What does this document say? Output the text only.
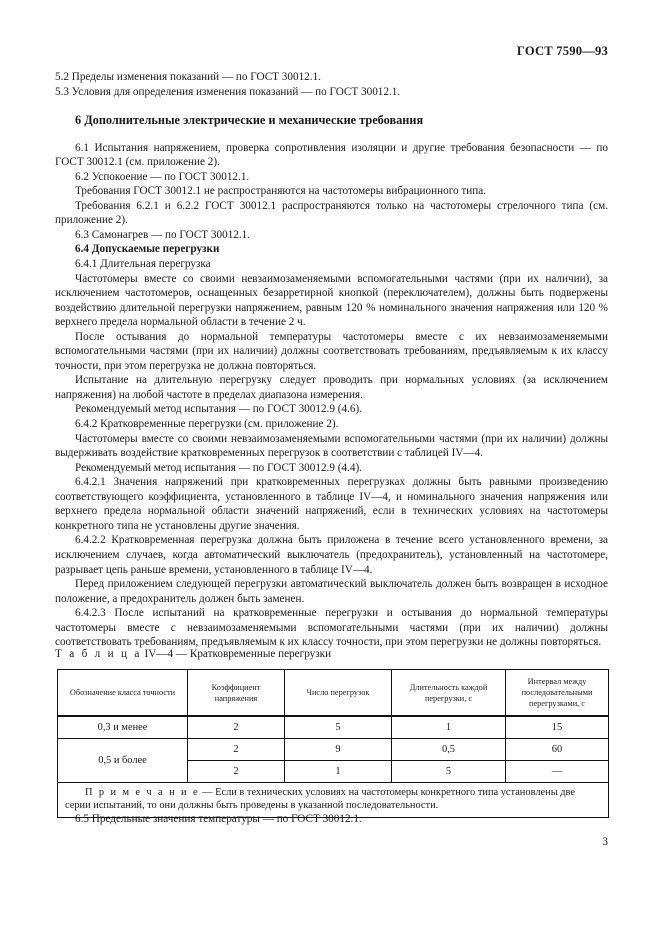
ГОСТ 7590—93

5.2 Пределы изменения показаний — по ГОСТ 30012.1.

5.3 Условия для определения изменения показаний — по ГОСТ 30012.1.

6 Дополнительные электрические и механические требования

6.1 Испытания напряжением, проверка сопротивления изоляции и другие требования безопасности — по ГОСТ 30012.1 (см. приложение 2).

6.2 Успокоение — по ГОСТ 30012.1.

Требования ГОСТ 30012.1 не распространяются на частотомеры вибрационного типа.

Требования 6.2.1 и 6.2.2 ГОСТ 30012.1 распространяются только на частотомеры стрелочного типа (см. приложение 2).

6.3 Самонагрев — по ГОСТ 30012.1.

6.4 Допускаемые перегрузки

6.4.1 Длительная перегрузка

Частотомеры вместе со своими невзаимозаменяемыми вспомогательными частями (при их наличии), за исключением частотомеров, оснащенных безарретирной кнопкой (переключателем), должны быть подвержены воздействию длительной перегрузки напряжением, равным 120 % номинального значения напряжения или 120 % верхнего предела нормальной области в течение 2 ч.

После остывания до нормальной температуры частотомеры вместе с их невзаимозаменяемыми вспомогательными частями (при их наличии) должны соответствовать требованиям, предъявляемым к их классу точности, при этом перегрузка не должна повторяться.

Испытание на длительную перегрузку следует проводить при нормальных условиях (за исключением напряжения) на любой частоте в пределах диапазона измерения.

Рекомендуемый метод испытания — по ГОСТ 30012.9 (4.6).

6.4.2 Кратковременные перегрузки (см. приложение 2).

Частотомеры вместе со своими невзаимозаменяемыми вспомогательными частями (при их наличии) должны выдерживать воздействие кратковременных перегрузок в соответствии с таблицей IV—4.

Рекомендуемый метод испытания — по ГОСТ 30012.9 (4.4).

6.4.2.1 Значения напряжений при кратковременных перегрузках должны быть равными произведению соответствующего коэффициента, установленного в таблице IV—4, и номинального значения напряжения или верхнего предела нормальной области значений напряжений, если в технических условиях на частотомеры конкретного типа не установлены другие значения.

6.4.2.2 Кратковременная перегрузка должна быть приложена в течение всего установленного времени, за исключением случаев, когда автоматический выключатель (предохранитель), установленный на частотомере, разрывает цепь раньше времени, установленного в таблице IV—4.

Перед приложением следующей перегрузки автоматический выключатель должен быть возвращен в исходное положение, а предохранитель должен быть заменен.

6.4.2.3 После испытаний на кратковременные перегрузки и остывания до нормальной температуры частотомеры вместе с невзаимозаменяемыми вспомогательными частями (при их наличии) должны соответствовать требованиям, предъявляемым к их классу точности, при этом перегрузки не должны повторяться.

Т а б л и ц а IV—4 — Кратковременные перегрузки
Обозначение класса точности	Коэффициент напряжения	Число перегрузок	Длительность каждой перегрузки, с	Интервал между последовательными перегрузками, с
0,3 и менее	2	5	1	15
0,5 и более	2	9	0,5	60
	2	1	5	—
П р и м е ч а н и е — Если в технических условиях на частотомеры конкретного типа установлены две серии испытаний, то они должны быть проведены в указанной последовательности.				

6.5 Предельные значения температуры — по ГОСТ 30012.1.

3
